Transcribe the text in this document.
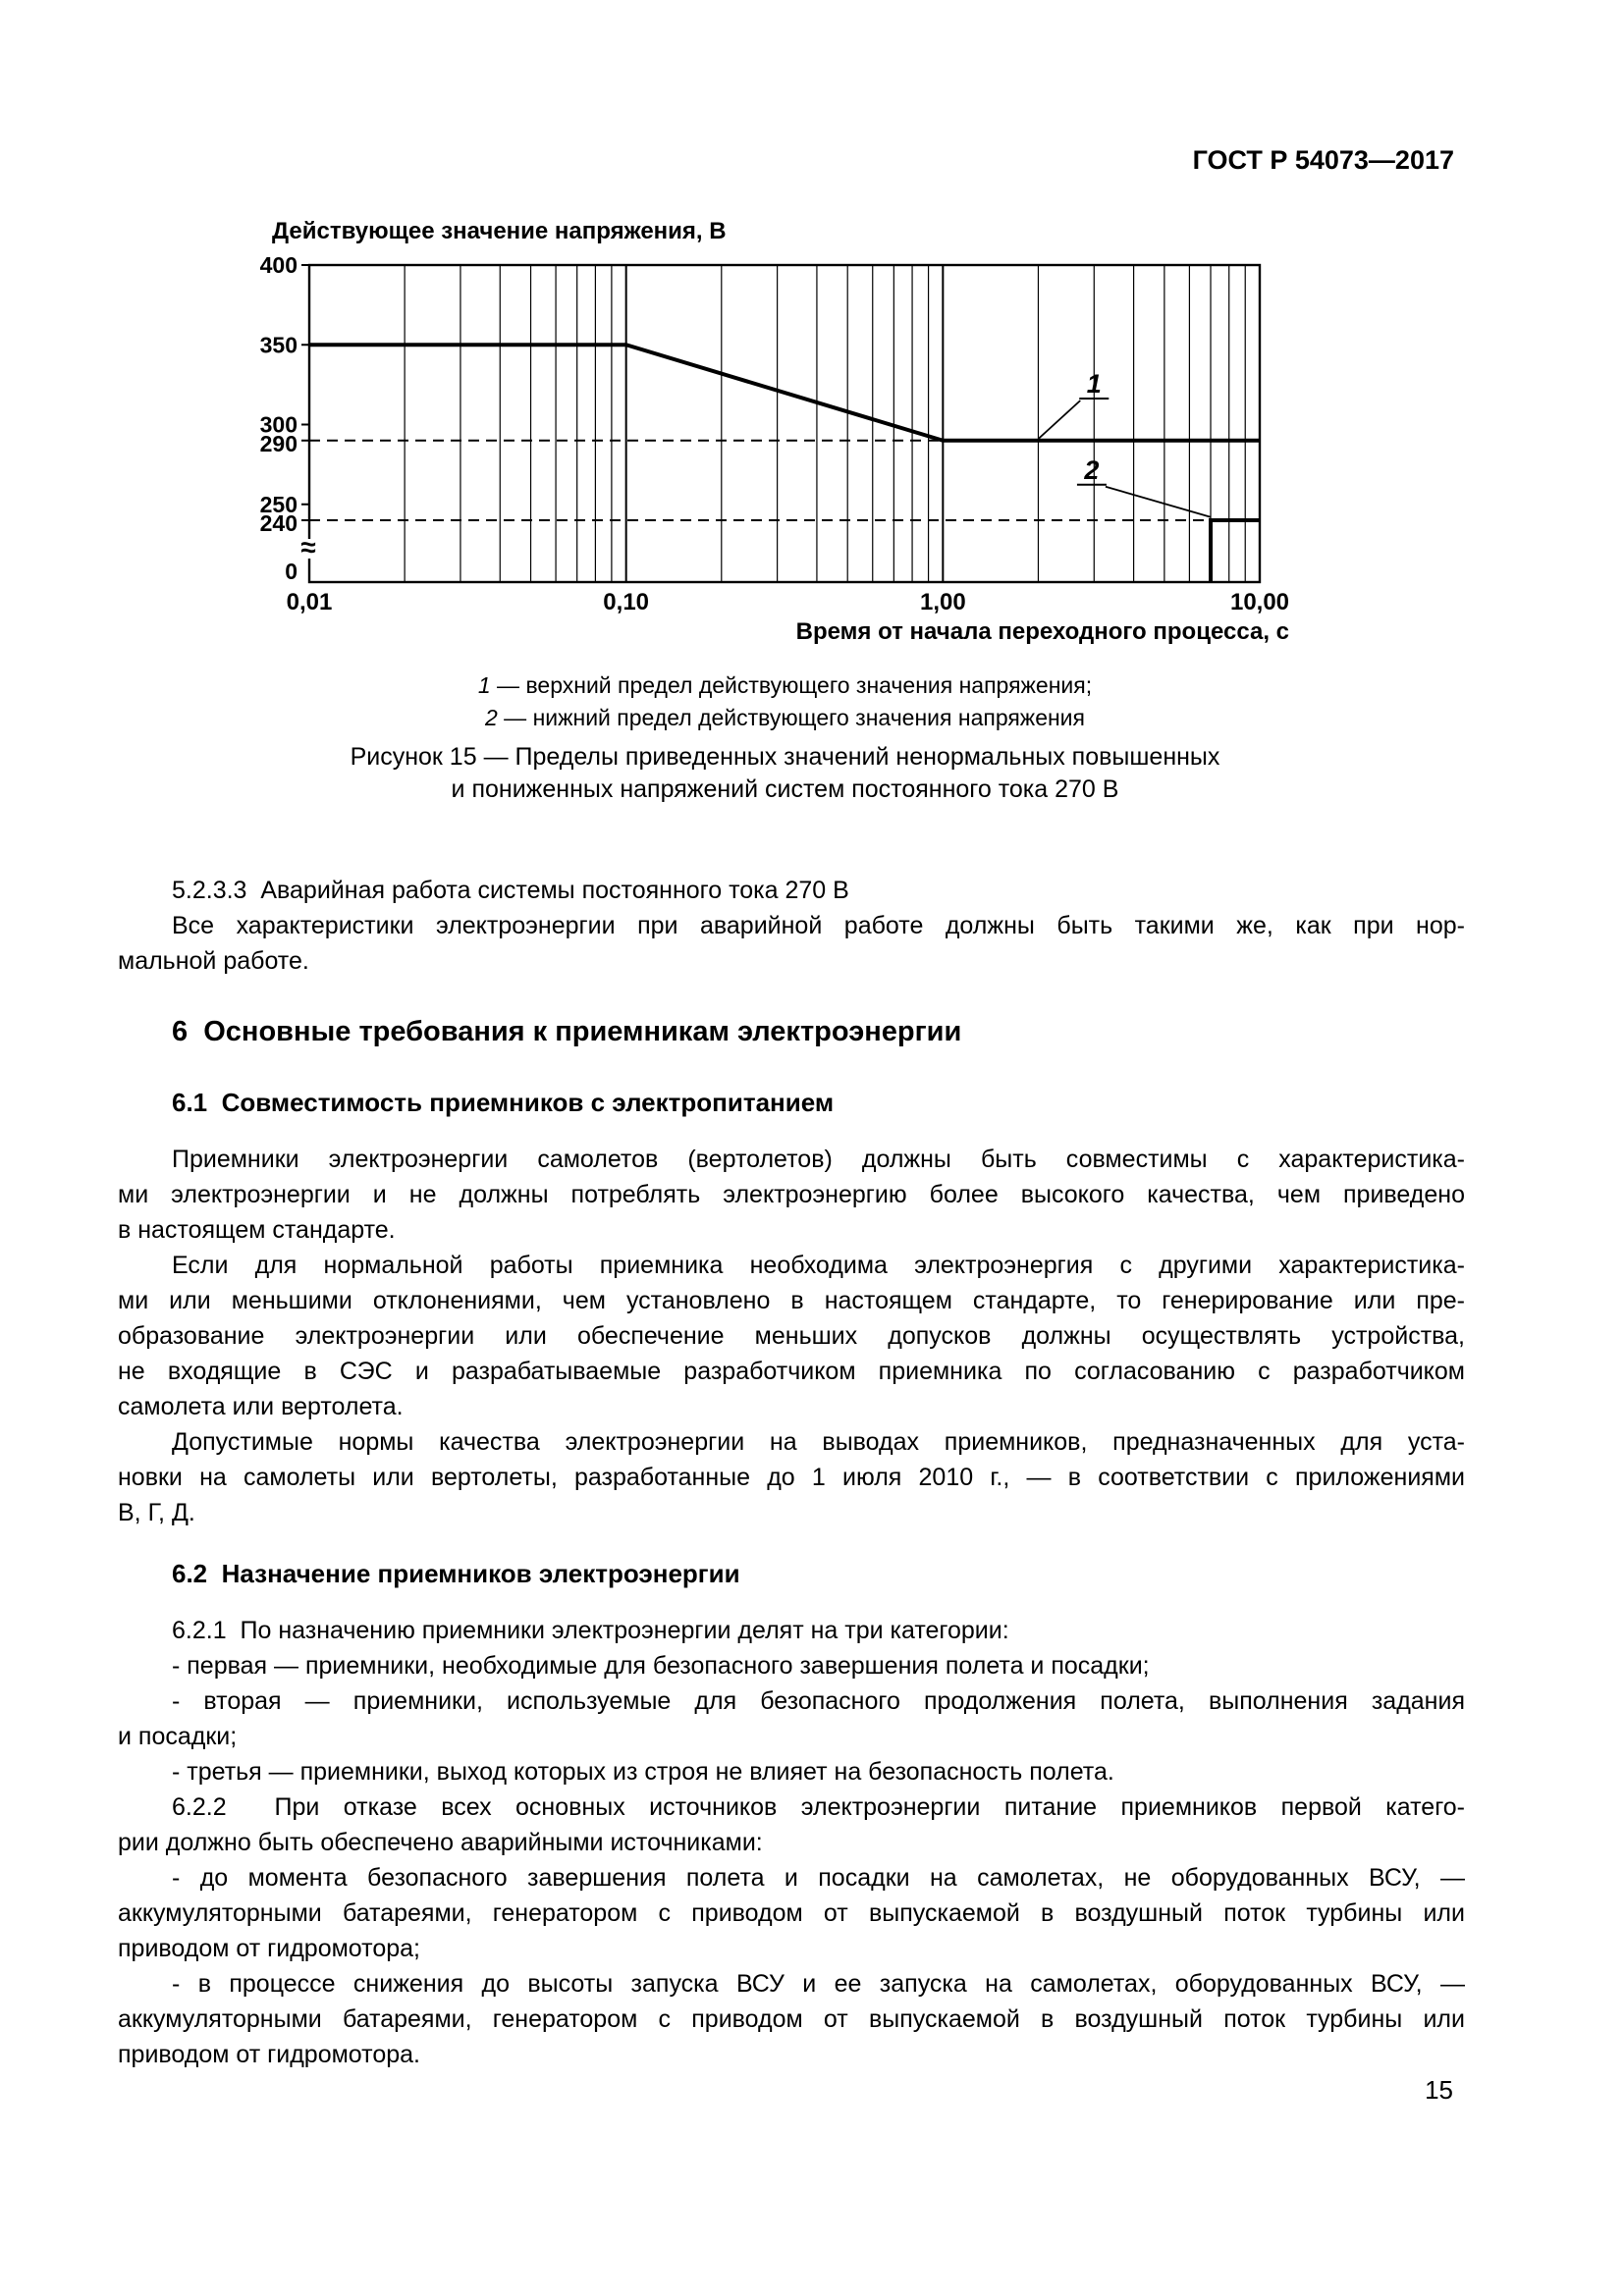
ГОСТ Р 54073—2017
Действующее значение напряжения, В
≈
400
350
300
290
250
240
0
0,01	0,10	1,00	10,00
1
2
Время от начала переходного процесса, с
1 — верхний предел действующего значения напряжения;
2 — нижний предел действующего значения напряжения
Рисунок 15 — Пределы приведенных значений ненормальных повышенных
и пониженных напряжений систем постоянного тока 270 В
5.2.3.3  Аварийная работа системы постоянного тока 270 В
Все характеристики электроэнергии при аварийной работе должны быть такими же, как при нор-
мальной работе.
6  Основные требования к приемникам электроэнергии
6.1  Совместимость приемников с электропитанием
Приемники электроэнергии самолетов (вертолетов) должны быть совместимы с характеристика-
ми электроэнергии и не должны потреблять электроэнергию более высокого качества, чем приведено
в настоящем стандарте.
Если для нормальной работы приемника необходима электроэнергия с другими характеристика-
ми или меньшими отклонениями, чем установлено в настоящем стандарте, то генерирование или пре-
образование электроэнергии или обеспечение меньших допусков должны осуществлять устройства,
не входящие в СЭС и разрабатываемые разработчиком приемника по согласованию с разработчиком
самолета или вертолета.
Допустимые нормы качества электроэнергии на выводах приемников, предназначенных для уста-
новки на самолеты или вертолеты, разработанные до 1 июля 2010 г., — в соответствии с приложениями
В, Г, Д.
6.2  Назначение приемников электроэнергии
6.2.1  По назначению приемники электроэнергии делят на три категории:
- первая — приемники, необходимые для безопасного завершения полета и посадки;
- вторая — приемники, используемые для безопасного продолжения полета, выполнения задания
и посадки;
- третья — приемники, выход которых из строя не влияет на безопасность полета.
6.2.2  При отказе всех основных источников электроэнергии питание приемников первой катего-
рии должно быть обеспечено аварийными источниками:
- до момента безопасного завершения полета и посадки на самолетах, не оборудованных ВСУ, —
аккумуляторными батареями, генератором с приводом от выпускаемой в воздушный поток турбины или
приводом от гидромотора;
- в процессе снижения до высоты запуска ВСУ и ее запуска на самолетах, оборудованных ВСУ, —
аккумуляторными батареями, генератором с приводом от выпускаемой в воздушный поток турбины или
приводом от гидромотора.
15
